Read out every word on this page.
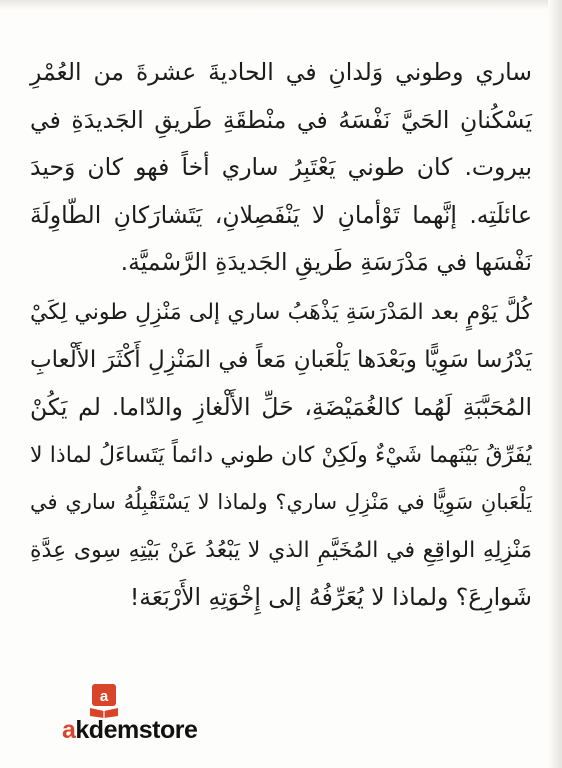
ساري وطوني وَلدانِ في الحاديةَ عشرةَ من العُمْرِ
يَسْكُنانِ الحَيَّ نَفْسَهُ في منْطقَةِ طَريقِ الجَديدَةِ في
بيروت. كان طوني يَعْتَبِرُ ساري أخاً فهو كان وَحيدَ
عائلَتِه. إنَّهما تَوْأمانِ لا يَنْفَصِلانِ، يَتَشارَكانِ الطّاوِلَةَ
نَفْسَها في مَدْرَسَةِ طَريقِ الجَديدَةِ الرَّسْميَّة.
كُلَّ يَوْمٍ بعد المَدْرَسَةِ يَذْهَبُ ساري إلى مَنْزِلِ طوني لِكَيْ
يَدْرُسا سَوِيًّا وبَعْدَها يَلْعَبانِ مَعاً في المَنْزِلِ أَكْثَرَ الأَلْعابِ
المُحَبَّبَةِ لَهُما كالغُمَيْضَةِ، حَلِّ الأَلْغازِ والدّاما. لم يَكُنْ
يُفَرِّقُ بَيْنَهما شَيْءٌ ولَكِنْ كان طوني دائماً يَتَساءَلُ لماذا لا
يَلْعَبانِ سَوِيًّا في مَنْزِلِ ساري؟ ولماذا لا يَسْتَقْبِلُهُ ساري في
مَنْزِلِهِ الواقِعِ في المُخَيَّمِ الذي لا يَبْعُدُ عَنْ بَيْتِهِ سِوى عِدَّةِ
شَوارِعَ؟ ولماذا لا يُعَرِّفُهُ إلى إِخْوَتِهِ الأَرْبَعَة!
a
akdemstore
